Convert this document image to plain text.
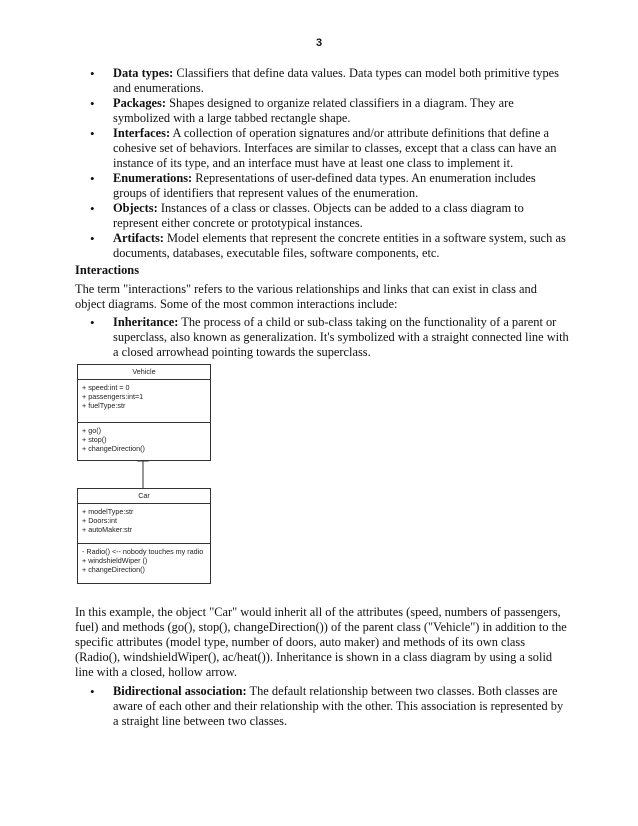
3
• Data types: Classifiers that define data values. Data types can model both primitive types and enumerations.
• Packages: Shapes designed to organize related classifiers in a diagram. They are symbolized with a large tabbed rectangle shape.
• Interfaces: A collection of operation signatures and/or attribute definitions that define a cohesive set of behaviors. Interfaces are similar to classes, except that a class can have an instance of its type, and an interface must have at least one class to implement it.
• Enumerations: Representations of user-defined data types. An enumeration includes groups of identifiers that represent values of the enumeration.
• Objects: Instances of a class or classes. Objects can be added to a class diagram to represent either concrete or prototypical instances.
• Artifacts: Model elements that represent the concrete entities in a software system, such as documents, databases, executable files, software components, etc.
Interactions

The term "interactions" refers to the various relationships and links that can exist in class and object diagrams. Some of the most common interactions include:

• Inheritance: The process of a child or sub-class taking on the functionality of a parent or superclass, also known as generalization. It's symbolized with a straight connected line with a closed arrowhead pointing towards the superclass.
Vehicle
+ speed:int = 0
+ passengers:int=1
+ fuelType:str
+ go()
+ stop()
+ changeDirection()
Car
+ modelType:str
+ Doors:int
+ autoMaker:str
- Radio() <-- nobody touches my radio
+ windshieldWiper ()
+ changeDirection()

In this example, the object "Car" would inherit all of the attributes (speed, numbers of passengers, fuel) and methods (go(), stop(), changeDirection()) of the parent class ("Vehicle") in addition to the specific attributes (model type, number of doors, auto maker) and methods of its own class (Radio(), windshieldWiper(), ac/heat()). Inheritance is shown in a class diagram by using a solid line with a closed, hollow arrow.

• Bidirectional association: The default relationship between two classes. Both classes are aware of each other and their relationship with the other. This association is represented by a straight line between two classes.
